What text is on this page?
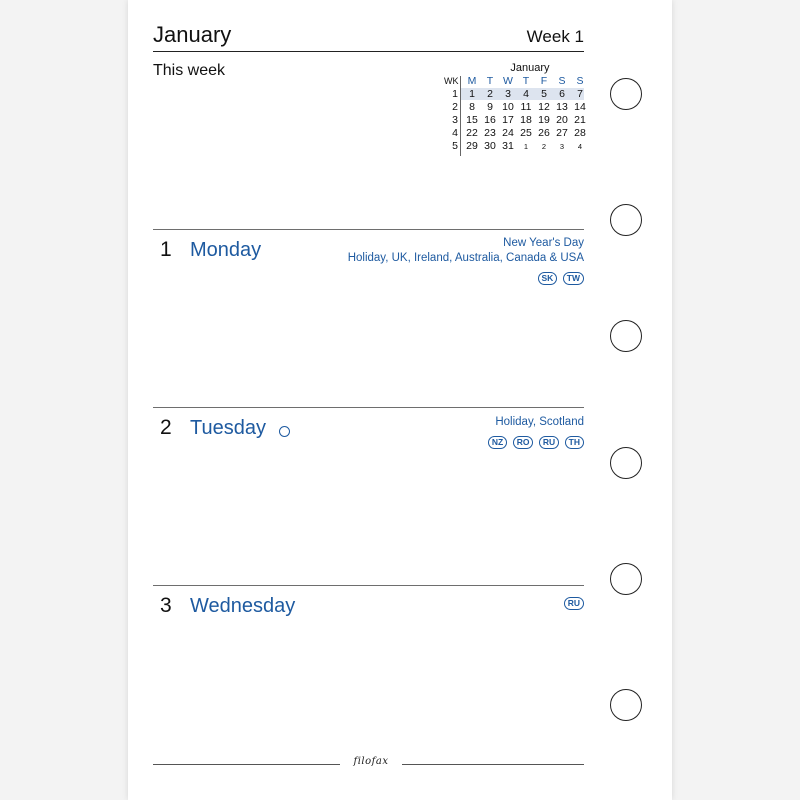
January	Week 1
This week	January
WK M T W T	F	S	S
1	1	2	3	4	5	6	7
2	8	9 10 11 12 13 14
3 15 16 17 18 19 20 21
4 22 23 24 25 26 27 28
5 29 30 31	1	2	3	4
1 Monday	New Year's Day
Holiday, UK, Ireland, Australia, Canada & USA
SK TW
2 Tuesday	Holiday, Scotland
NZ RO RU TH
3 Wednesday	RU
filofax
